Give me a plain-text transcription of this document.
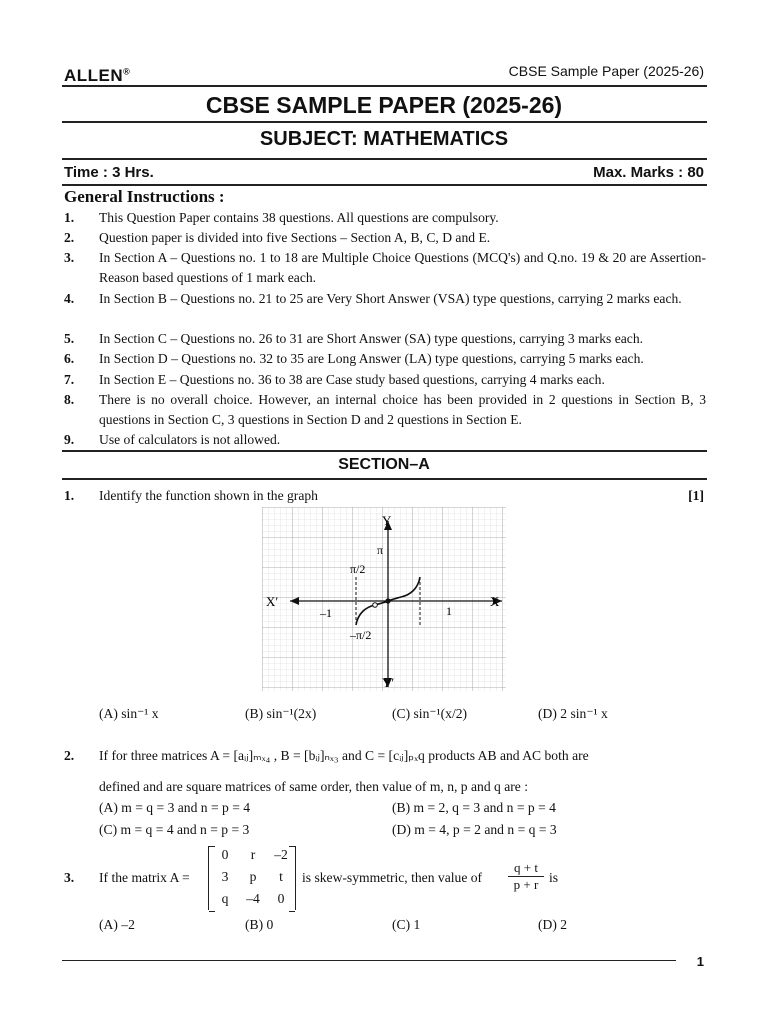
ALLEN®	CBSE Sample Paper (2025-26)
CBSE SAMPLE PAPER (2025-26)
SUBJECT: MATHEMATICS
Time : 3 Hrs.	Max. Marks : 80
General Instructions :
1. This Question Paper contains 38 questions. All questions are compulsory.
2. Question paper is divided into five Sections – Section A, B, C, D and E.
3. In Section A – Questions no. 1 to 18 are Multiple Choice Questions (MCQ's) and Q.no. 19 & 20 are Assertion-Reason based questions of 1 mark each.
4. In Section B – Questions no. 21 to 25 are Very Short Answer (VSA) type questions, carrying 2 marks each.
5. In Section C – Questions no. 26 to 31 are Short Answer (SA) type questions, carrying 3 marks each.
6. In Section D – Questions no. 32 to 35 are Long Answer (LA) type questions, carrying 5 marks each.
7. In Section E – Questions no. 36 to 38 are Case study based questions, carrying 4 marks each.
8. There is no overall choice. However, an internal choice has been provided in 2 questions in Section B, 3 questions in Section C, 3 questions in Section D and 2 questions in Section E.
9. Use of calculators is not allowed.
SECTION–A
1. Identify the function shown in the graph	[1]
Y
Y′
X
X′
π
π/2
–π/2
–1	1
(A) sin⁻¹ x	(B) sin⁻¹(2x)	(C) sin⁻¹(x/2)	(D) 2 sin⁻¹ x
2. If for three matrices A = [aᵢⱼ]ₘₓ₄ , B = [bᵢⱼ]ₙₓ₃ and C = [cᵢⱼ]ₚₓq products AB and AC both are
defined and are square matrices of same order, then value of m, n, p and q are :
(A) m = q = 3 and n = p = 4	(B) m = 2, q = 3 and n = p = 4
(C) m = q = 4 and n = p = 3	(D) m = 4, p = 2 and n = q = 3
3. If the matrix A =
0	r	–2
3	p	t
q	–4	0
is skew-symmetric, then value of $\frac{q + t}{p + r}$ is
(A) –2	(B) 0	(C) 1	(D) 2
1
